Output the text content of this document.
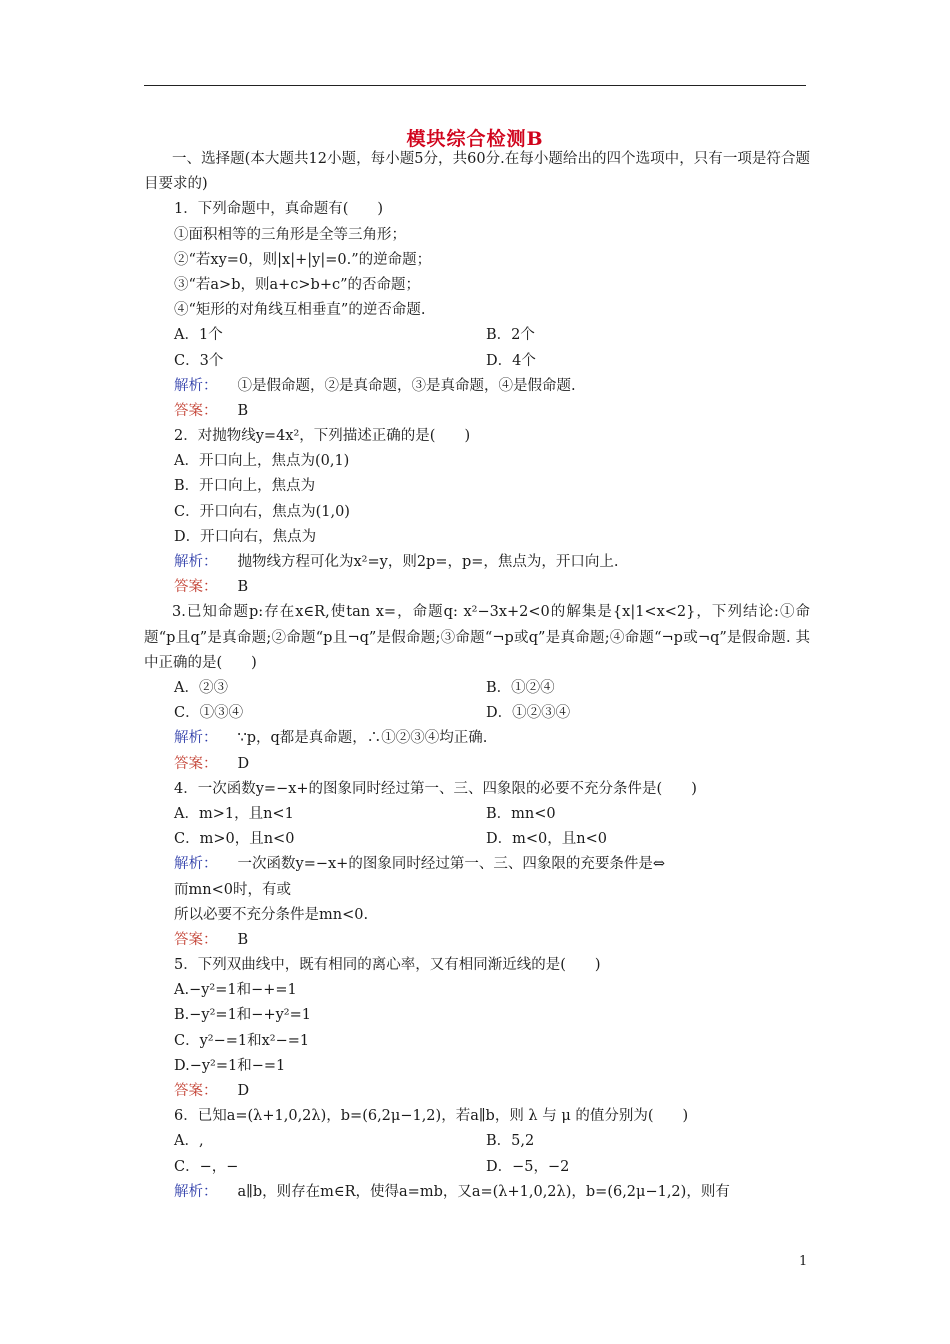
模块综合检测B
一、选择题(本大题共12小题，每小题5分，共60分.在每小题给出的四个选项中，只有一项是符合题目要求的)
1．下列命题中，真命题有(　　)
①面积相等的三角形是全等三角形；
②“若xy=0，则|x|+|y|=0.”的逆命题；
③“若a>b，则a+c>b+c”的否命题；
④“矩形的对角线互相垂直”的逆否命题.
A．1个	B．2个
C．3个	D．4个
解析： ①是假命题，②是真命题，③是真命题，④是假命题.
答案： B
2．对抛物线y=4x²，下列描述正确的是(　　)
A．开口向上，焦点为(0,1)
B．开口向上，焦点为
C．开口向右，焦点为(1,0)
D．开口向右，焦点为
解析： 抛物线方程可化为x²=y，则2p=，p=，焦点为，开口向上.
答案： B
3.已知命题p:存在x∈R,使tan x=，命题q: x²−3x+2<0的解集是{x|1<x<2}，下列结论:①命题“p且q”是真命题;②命题“p且¬q”是假命题;③命题“¬p或q”是真命题;④命题“¬p或¬q”是假命题. 其中正确的是(　　)
A．②③	B．①②④
C．①③④	D．①②③④
解析： ∵p，q都是真命题，∴①②③④均正确.
答案： D
4．一次函数y=−x+的图象同时经过第一、三、四象限的必要不充分条件是(　　)
A．m>1，且n<1	B．mn<0
C．m>0，且n<0	D．m<0，且n<0
解析： 一次函数y=−x+的图象同时经过第一、三、四象限的充要条件是⇔
而mn<0时，有或
所以必要不充分条件是mn<0.
答案： B
5．下列双曲线中，既有相同的离心率，又有相同渐近线的是(　　)
A.−y²=1和−+=1
B.−y²=1和−+y²=1
C．y²−=1和x²−=1
D.−y²=1和−=1
答案： D
6．已知a=(λ+1,0,2λ)，b=(6,2μ−1,2)，若a∥b，则 λ 与 μ 的值分别为(　　)
A．,	B．5,2
C．−，−	D．−5，−2
解析： a∥b，则存在m∈R，使得a=mb，又a=(λ+1,0,2λ)，b=(6,2μ−1,2)，则有
1
